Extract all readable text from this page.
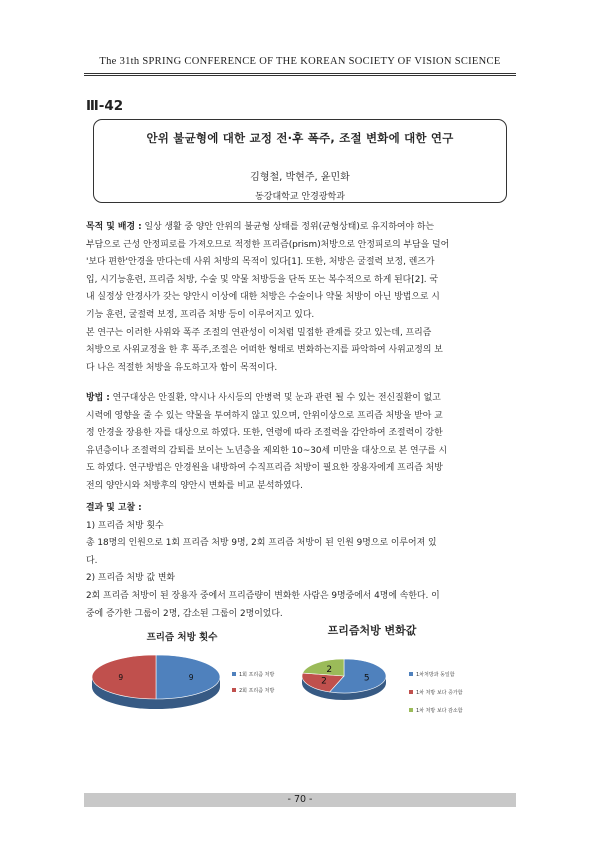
The 31th SPRING CONFERENCE OF THE KOREAN SOCIETY OF VISION SCIENCE
Ⅲ-42
안위 불균형에 대한 교정 전·후 폭주, 조절 변화에 대한 연구
김형철, 박현주, 윤민화
동강대학교 안경광학과

목적 및 배경 : 일상 생활 중 양안 안위의 불균형 상태를 정위(균형상태)로 유지하여야 하는

부담으로 근성 안정피로를 가져오므로 적정한 프리즘(prism)처방으로 안정피로의 부담을 덜어

'보다 편한'안경을 만다는데 사위 처방의 목적이 있다[1]. 또한, 처방은 굴절력 보정, 렌즈가

입, 시기능훈련, 프리즘 처방, 수술 및 약물 처방등을 단독 또는 복수적으로 하게 된다[2]. 국

내 실정상 안경사가 갖는 양안시 이상에 대한 처방은 수술이나 약물 처방이 아닌 방법으로 시

기능 훈련, 굴절력 보정, 프리즘 처방 등이 이루어지고 있다.

본 연구는 이러한 사위와 폭주 조절의 연관성이 이처럼 밀접한 관계를 갖고 있는데, 프리즘

처방으로 사위교정을 한 후 폭주,조절은 어떠한 형태로 변화하는지를 파악하여 사위교정의 보

다 나은 적절한 처방을 유도하고자 함이 목적이다.

방법 : 연구대상은 안질환, 약시나 사시등의 안병력 및 눈과 관련 될 수 있는 전신질환이 없고

시력에 영향을 줄 수 있는 약물을 투여하지 않고 있으며, 안위이상으로 프리즘 처방을 받아 교

정 안경을 장용한 자를 대상으로 하였다. 또한, 연령에 따라 조절력을 감안하여 조절력이 강한

유년층이나 조절력의 감퇴를 보이는 노년층을 제외한 10~30세 미만을 대상으로 본 연구를 시

도 하였다. 연구방법은 안경원을 내방하여 수직프리즘 처방이 필요한 장용자에게 프리즘 처방

전의 양안시와 처방후의 양안시 변화를 비교 분석하였다.

결과 및 고찰 :

1) 프리즘 처방 횟수

총 18명의 인원으로 1회 프리즘 처방 9명, 2회 프리즘 처방이 된 인원 9명으로 이루어져 있

다.

2) 프리즘 처방 값 변화

2회 프리즘 처방이 된 장용자 중에서 프리즘량이 변화한 사람은 9명중에서 4명에 속한다. 이

중에 증가한 그룹이 2명, 감소된 그룹이 2명이었다.

프리즘 처방 횟수
9
9	1회 프리즘 처방
2회 프리즘 처방
프리즘처방 변화값
5
2
2
1차처방과 동일함
1차 처방 보다 증가함
1차 처방 보다 감소함
- 70 -
